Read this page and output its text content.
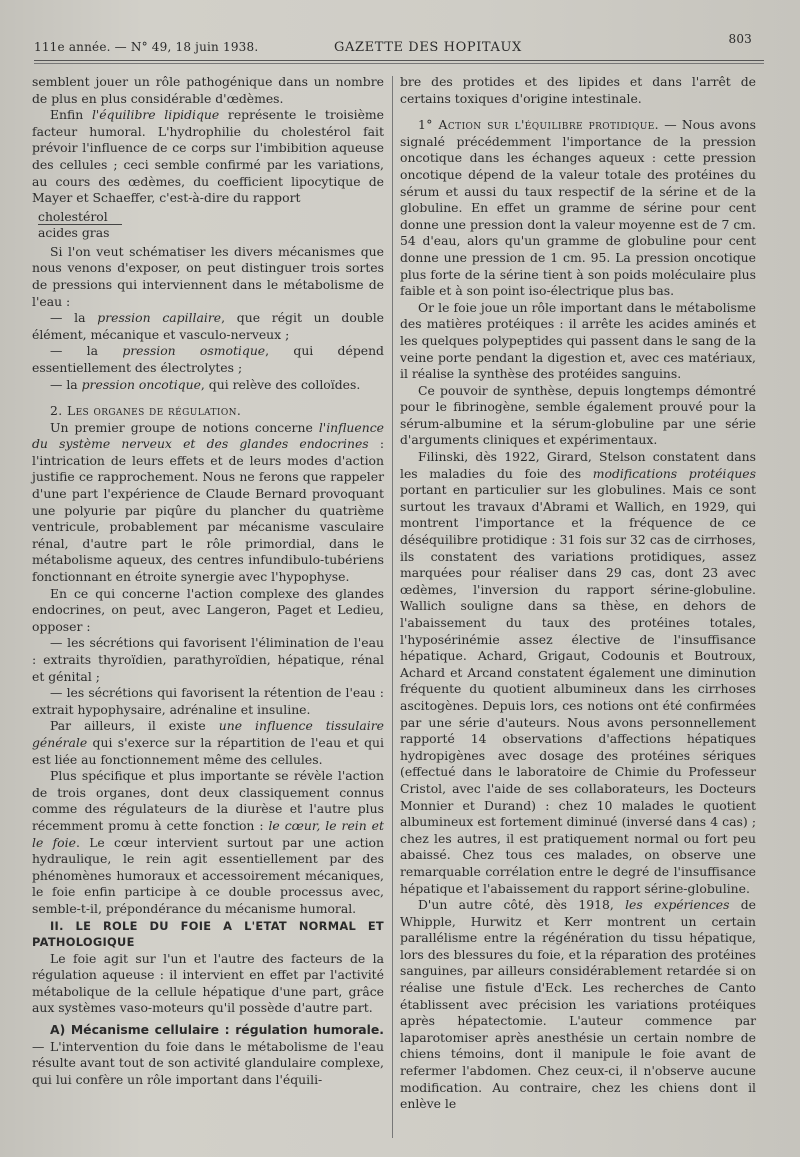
111e année. — N° 49, 18 juin 1938.	GAZETTE DES HOPITAUX
803

semblent jouer un rôle pathogénique dans un nombre de plus en plus considérable d'œdèmes.

Enfin l'équilibre lipidique représente le troisième facteur humoral. L'hydrophilie du cholestérol fait prévoir l'influence de ce corps sur l'imbibition aqueuse des cellules ; ceci semble confirmé par les variations, au cours des œdèmes, du coefficient lipocytique de Mayer et Schaeffer, c'est-à-dire du rapport

cholestérol
acides gras

Si l'on veut schématiser les divers mécanismes que nous venons d'exposer, on peut distinguer trois sortes de pressions qui interviennent dans le métabolisme de l'eau :

— la pression capillaire, que régit un double élément, mécanique et vasculo-nerveux ;

— la pression osmotique, qui dépend essentiellement des électrolytes ;

— la pression oncotique, qui relève des colloïdes.

2. Les organes de régulation.

Un premier groupe de notions concerne l'influence du système nerveux et des glandes endocrines : l'intrication de leurs effets et de leurs modes d'action justifie ce rapprochement. Nous ne ferons que rappeler d'une part l'expérience de Claude Bernard provoquant une polyurie par piqûre du plancher du quatrième ventricule, probablement par mécanisme vasculaire rénal, d'autre part le rôle primordial, dans le métabolisme aqueux, des centres infundibulo-tubériens fonctionnant en étroite synergie avec l'hypophyse.

En ce qui concerne l'action complexe des glandes endocrines, on peut, avec Langeron, Paget et Ledieu, opposer :

— les sécrétions qui favorisent l'élimination de l'eau : extraits thyroïdien, parathyroïdien, hépatique, rénal et génital ;

— les sécrétions qui favorisent la rétention de l'eau : extrait hypophysaire, adrénaline et insuline.

Par ailleurs, il existe une influence tissulaire générale qui s'exerce sur la répartition de l'eau et qui est liée au fonctionnement même des cellules.

Plus spécifique et plus importante se révèle l'action de trois organes, dont deux classiquement connus comme des régulateurs de la diurèse et l'autre plus récemment promu à cette fonction : le cœur, le rein et le foie. Le cœur intervient surtout par une action hydraulique, le rein agit essentiellement par des phénomènes humoraux et accessoirement mécaniques, le foie enfin participe à ce double processus avec, semble-t-il, prépondérance du mécanisme humoral.

II. LE ROLE DU FOIE A L'ETAT NORMAL ET PATHOLOGIQUE

Le foie agit sur l'un et l'autre des facteurs de la régulation aqueuse : il intervient en effet par l'activité métabolique de la cellule hépatique d'une part, grâce aux systèmes vaso-moteurs qu'il possède d'autre part.

A) Mécanisme cellulaire : régulation humorale. — L'intervention du foie dans le métabolisme de l'eau résulte avant tout de son activité glandulaire complexe, qui lui confère un rôle important dans l'équili-

bre des protides et des lipides et dans l'arrêt de certains toxiques d'origine intestinale.

1° Action sur l'équilibre protidique. — Nous avons signalé précédemment l'importance de la pression oncotique dans les échanges aqueux : cette pression oncotique dépend de la valeur totale des protéines du sérum et aussi du taux respectif de la sérine et de la globuline. En effet un gramme de sérine pour cent donne une pression dont la valeur moyenne est de 7 cm. 54 d'eau, alors qu'un gramme de globuline pour cent donne une pression de 1 cm. 95. La pression oncotique plus forte de la sérine tient à son poids moléculaire plus faible et à son point iso-électrique plus bas.

Or le foie joue un rôle important dans le métabolisme des matières protéiques : il arrête les acides aminés et les quelques polypeptides qui passent dans le sang de la veine porte pendant la digestion et, avec ces matériaux, il réalise la synthèse des protéides sanguins.

Ce pouvoir de synthèse, depuis longtemps démontré pour le fibrinogène, semble également prouvé pour la sérum-albumine et la sérum-globuline par une série d'arguments cliniques et expérimentaux.

Filinski, dès 1922, Girard, Stelson constatent dans les maladies du foie des modifications protéiques portant en particulier sur les globulines. Mais ce sont surtout les travaux d'Abrami et Wallich, en 1929, qui montrent l'importance et la fréquence de ce déséquilibre protidique : 31 fois sur 32 cas de cirrhoses, ils constatent des variations protidiques, assez marquées pour réaliser dans 29 cas, dont 23 avec œdèmes, l'inversion du rapport sérine-globuline. Wallich souligne dans sa thèse, en dehors de l'abaissement du taux des protéines totales, l'hyposérinémie assez élective de l'insuffisance hépatique. Achard, Grigaut, Codounis et Boutroux, Achard et Arcand constatent également une diminution fréquente du quotient albumineux dans les cirrhoses ascitogènes. Depuis lors, ces notions ont été confirmées par une série d'auteurs. Nous avons personnellement rapporté 14 observations d'affections hépatiques hydropigènes avec dosage des protéines sériques (effectué dans le laboratoire de Chimie du Professeur Cristol, avec l'aide de ses collaborateurs, les Docteurs Monnier et Durand) : chez 10 malades le quotient albumineux est fortement diminué (inversé dans 4 cas) ; chez les autres, il est pratiquement normal ou fort peu abaissé. Chez tous ces malades, on observe une remarquable corrélation entre le degré de l'insuffisance hépatique et l'abaissement du rapport sérine-globuline.

D'un autre côté, dès 1918, les expériences de Whipple, Hurwitz et Kerr montrent un certain parallélisme entre la régénération du tissu hépatique, lors des blessures du foie, et la réparation des protéines sanguines, par ailleurs considérablement retardée si on réalise une fistule d'Eck. Les recherches de Canto établissent avec précision les variations protéiques après hépatectomie. L'auteur commence par laparotomiser après anesthésie un certain nombre de chiens témoins, dont il manipule le foie avant de refermer l'abdomen. Chez ceux-ci, il n'observe aucune modification. Au contraire, chez les chiens dont il enlève le
